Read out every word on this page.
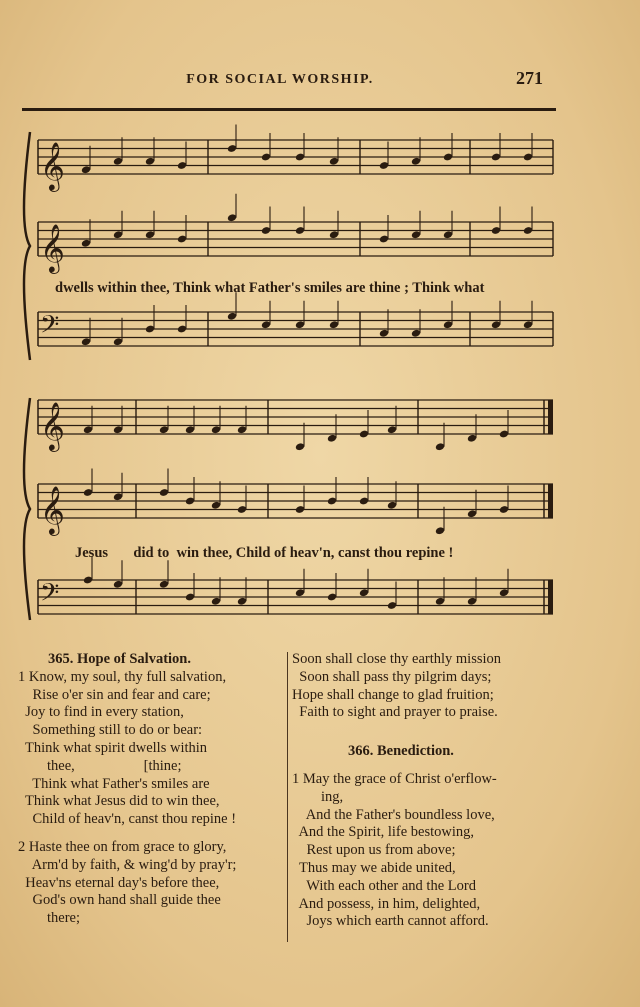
FOR SOCIAL WORSHIP.	271
𝄞
𝄞
𝄢
𝄞
𝄞
𝄢
dwells within thee, Think what Father's smiles are thine ; Think what
Jesus       did to  win thee, Child of heav'n, canst thou repine !
365. Hope of Salvation.
1 Know, my soul, thy full salvation,
Rise o'er sin and fear and care;
Joy to find in every station,
Something still to do or bear:
Think what spirit dwells within
thee,                   [thine;
Think what Father's smiles are
Think what Jesus did to win thee,
Child of heav'n, canst thou repine !
2 Haste thee on from grace to glory,
Arm'd by faith, & wing'd by pray'r;
Heav'ns eternal day's before thee,
God's own hand shall guide thee
there;
Soon shall close thy earthly mission
Soon shall pass thy pilgrim days;
Hope shall change to glad fruition;
Faith to sight and prayer to praise.
366. Benediction.
1 May the grace of Christ o'erflow-
ing,
And the Father's boundless love,
And the Spirit, life bestowing,
Rest upon us from above;
Thus may we abide united,
With each other and the Lord
And possess, in him, delighted,
Joys which earth cannot afford.
